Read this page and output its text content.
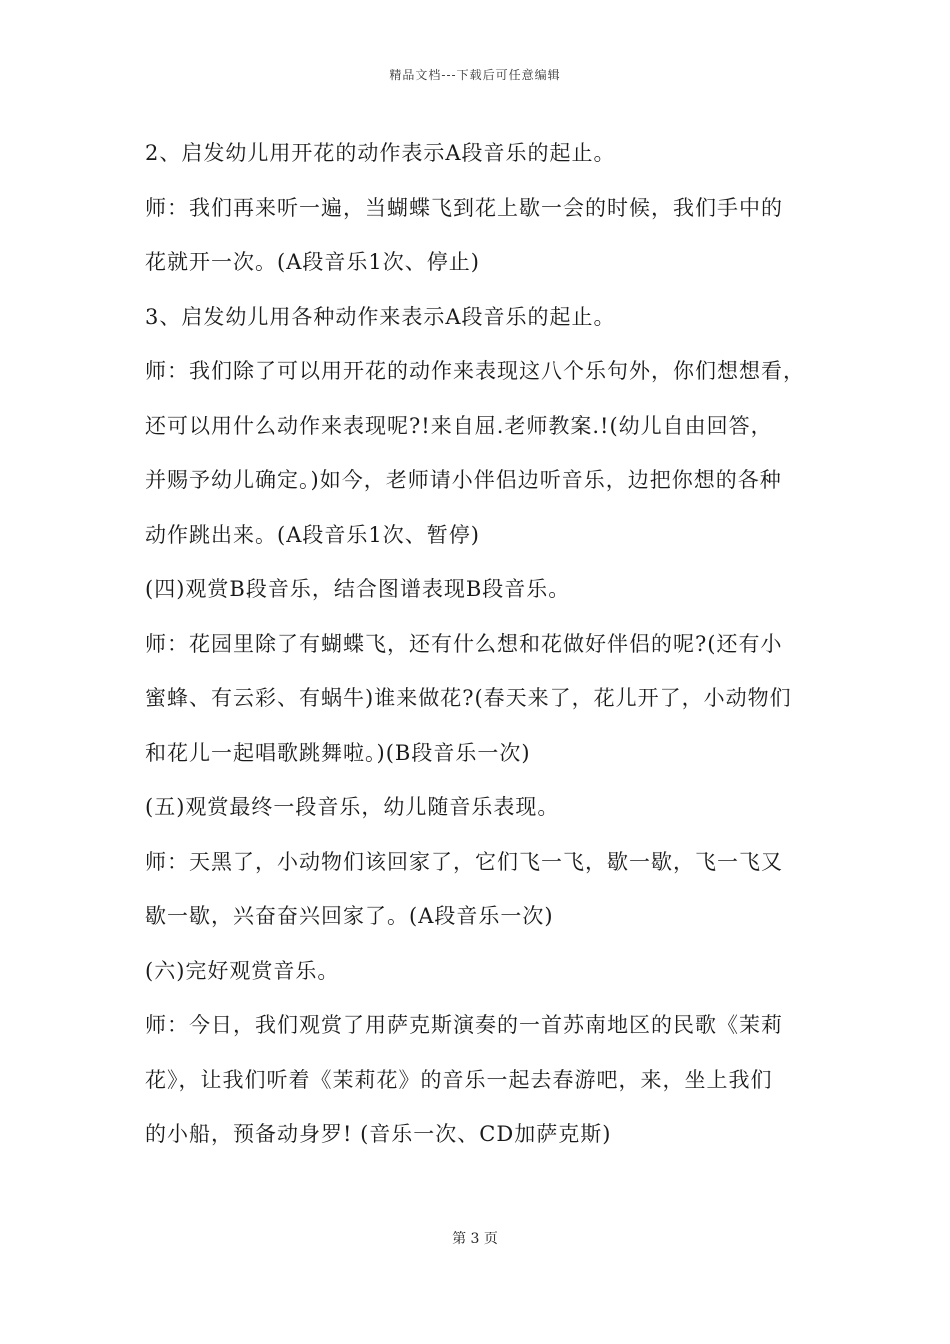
精品文档---下载后可任意编辑
2、启发幼儿用开花的动作表示A段音乐的起止。
师：我们再来听一遍，当蝴蝶飞到花上歇一会的时候，我们手中的
花就开一次。(A段音乐1次、停止)
3、启发幼儿用各种动作来表示A段音乐的起止。
师：我们除了可以用开花的动作来表现这八个乐句外，你们想想看，
还可以用什么动作来表现呢?!来自屈.老师教案.!(幼儿自由回答，
并赐予幼儿确定。)如今，老师请小伴侣边听音乐，边把你想的各种
动作跳出来。(A段音乐1次、暂停)
(四)观赏B段音乐，结合图谱表现B段音乐。
师：花园里除了有蝴蝶飞，还有什么想和花做好伴侣的呢?(还有小
蜜蜂、有云彩、有蜗牛)谁来做花?(春天来了，花儿开了，小动物们
和花儿一起唱歌跳舞啦。)(B段音乐一次)
(五)观赏最终一段音乐，幼儿随音乐表现。
师：天黑了，小动物们该回家了，它们飞一飞，歇一歇，飞一飞又
歇一歇，兴奋奋兴回家了。(A段音乐一次)
(六)完好观赏音乐。
师：今日，我们观赏了用萨克斯演奏的一首苏南地区的民歌《茉莉
花》，让我们听着《茉莉花》的音乐一起去春游吧，来，坐上我们
的小船，预备动身罗! (音乐一次、CD加萨克斯)
第 3 页
